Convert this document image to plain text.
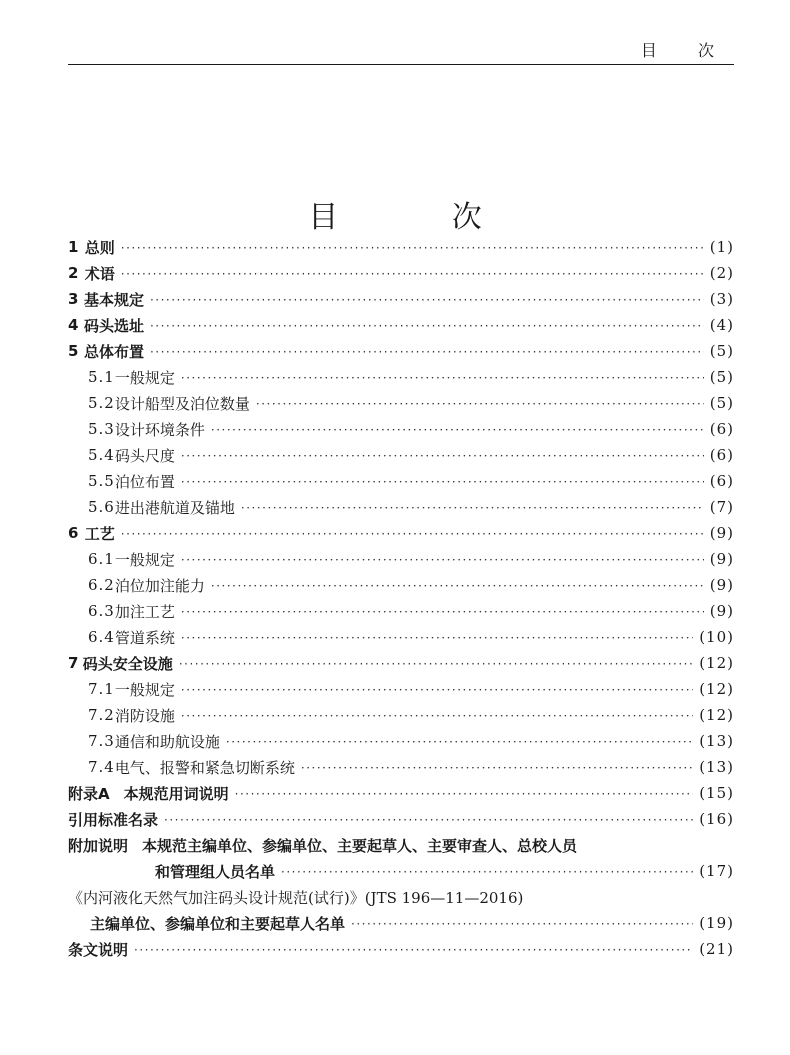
目 次
目 次
1 总则 ·····	(1)
2 术语 ·····	(2)
3 基本规定 ·····	(3)
4 码头选址 ·····	(4)
5 总体布置 ·····	(5)
5.1 一般规定 ·····	(5)
5.2 设计船型及泊位数量 ·····	(5)
5.3 设计环境条件 ·····	(6)
5.4 码头尺度 ·····	(6)
5.5 泊位布置 ·····	(6)
5.6 进出港航道及锚地 ·····	(7)
6 工艺 ·····	(9)
6.1 一般规定 ·····	(9)
6.2 泊位加注能力 ·····	(9)
6.3 加注工艺 ·····	(9)
6.4 管道系统 ·····	(10)
7 码头安全设施 ·····	(12)
7.1 一般规定 ·····	(12)
7.2 消防设施 ·····	(12)
7.3 通信和助航设施 ·····	(13)
7.4 电气、报警和紧急切断系统 ·····	(13)
附录A 本规范用词说明 ·····	(15)
引用标准名录 ·····	(16)
附加说明 本规范主编单位、参编单位、主要起草人、主要审查人、总校人员
和管理组人员名单 ·····	(17)
《内河液化天然气加注码头设计规范(试行)》(JTS 196—11—2016)
主编单位、参编单位和主要起草人名单 ·····	(19)
条文说明 ·····	(21)
